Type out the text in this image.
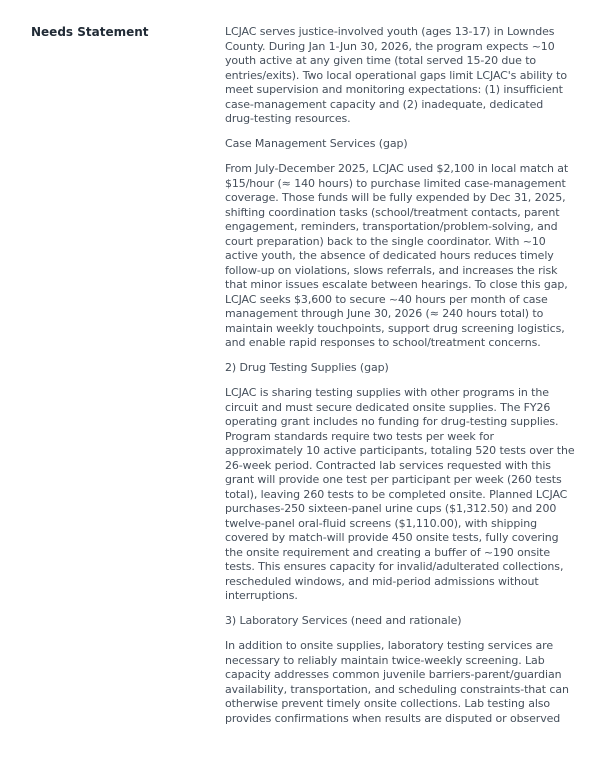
Needs Statement	LCJAC serves justice-involved youth (ages 13-17) in Lowndes County. During Jan 1-Jun 30, 2026, the program expects ~10 youth active at any given time (total served 15-20 due to entries/exits). Two local operational gaps limit LCJAC's ability to meet supervision and monitoring expectations: (1) insufficient case-management capacity and (2) inadequate, dedicated drug-testing resources.

Case Management Services (gap)

From July-December 2025, LCJAC used $2,100 in local match at $15/hour (≈ 140 hours) to purchase limited case-management coverage. Those funds will be fully expended by Dec 31, 2025, shifting coordination tasks (school/treatment contacts, parent engagement, reminders, transportation/problem-solving, and court preparation) back to the single coordinator. With ~10 active youth, the absence of dedicated hours reduces timely follow-up on violations, slows referrals, and increases the risk that minor issues escalate between hearings. To close this gap, LCJAC seeks $3,600 to secure ~40 hours per month of case management through June 30, 2026 (≈ 240 hours total) to maintain weekly touchpoints, support drug screening logistics, and enable rapid responses to school/treatment concerns.

2) Drug Testing Supplies (gap)

LCJAC is sharing testing supplies with other programs in the circuit and must secure dedicated onsite supplies. The FY26 operating grant includes no funding for drug-testing supplies. Program standards require two tests per week for approximately 10 active participants, totaling 520 tests over the 26-week period. Contracted lab services requested with this grant will provide one test per participant per week (260 tests total), leaving 260 tests to be completed onsite. Planned LCJAC purchases-250 sixteen-panel urine cups ($1,312.50) and 200 twelve-panel oral-fluid screens ($1,110.00), with shipping covered by match-will provide 450 onsite tests, fully covering the onsite requirement and creating a buffer of ~190 onsite tests. This ensures capacity for invalid/adulterated collections, rescheduled windows, and mid-period admissions without interruptions.

3) Laboratory Services (need and rationale)

In addition to onsite supplies, laboratory testing services are necessary to reliably maintain twice-weekly screening. Lab capacity addresses common juvenile barriers-parent/guardian availability, transportation, and scheduling constraints-that can otherwise prevent timely onsite collections. Lab testing also provides confirmations when results are disputed or observed
